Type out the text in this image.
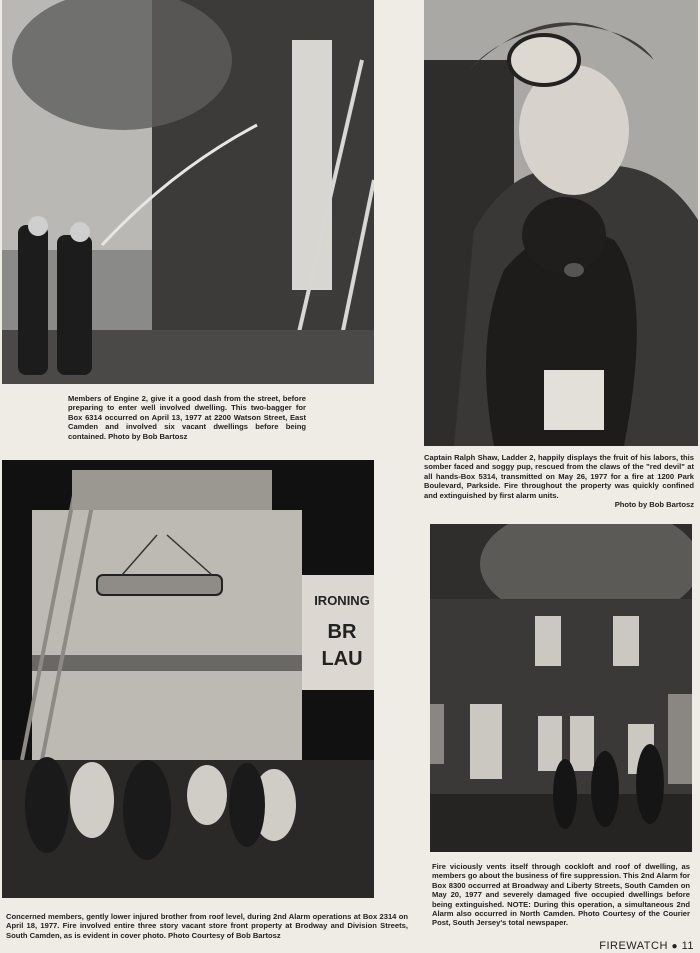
Members of Engine 2, give it a good dash from the street, before preparing to enter well involved dwelling. This two-bagger for Box 6314 occurred on April 13, 1977 at 2200 Watson Street, East Camden and involved six vacant dwellings before being contained. Photo by Bob Bartosz

Captain Ralph Shaw, Ladder 2, happily displays the fruit of his labors, this somber faced and soggy pup, rescued from the claws of the "red devil" at all hands-Box 5314, transmitted on May 26, 1977 for a fire at 1200 Park Boulevard, Parkside. Fire throughout the property was quickly confined and extinguished by first alarm units.
Photo by Bob Bartosz

IRONING
BR
LAU

Concerned members, gently lower injured brother from roof level, during 2nd Alarm operations at Box 2314 on April 18, 1977. Fire involved entire three story vacant store front property at Brodway and Division Streets, South Camden, as is evident in cover photo. Photo Courtesy of Bob Bartosz

Fire viciously vents itself through cockloft and roof of dwelling, as members go about the business of fire suppression. This 2nd Alarm for Box 8300 occurred at Broadway and Liberty Streets, South Camden on May 20, 1977 and severely damaged five occupied dwellings before being extinguished. NOTE: During this operation, a simultaneous 2nd Alarm also occurred in North Camden. Photo Courtesy of the Courier Post, South Jersey's total newspaper.

FIREWATCH ● 11
